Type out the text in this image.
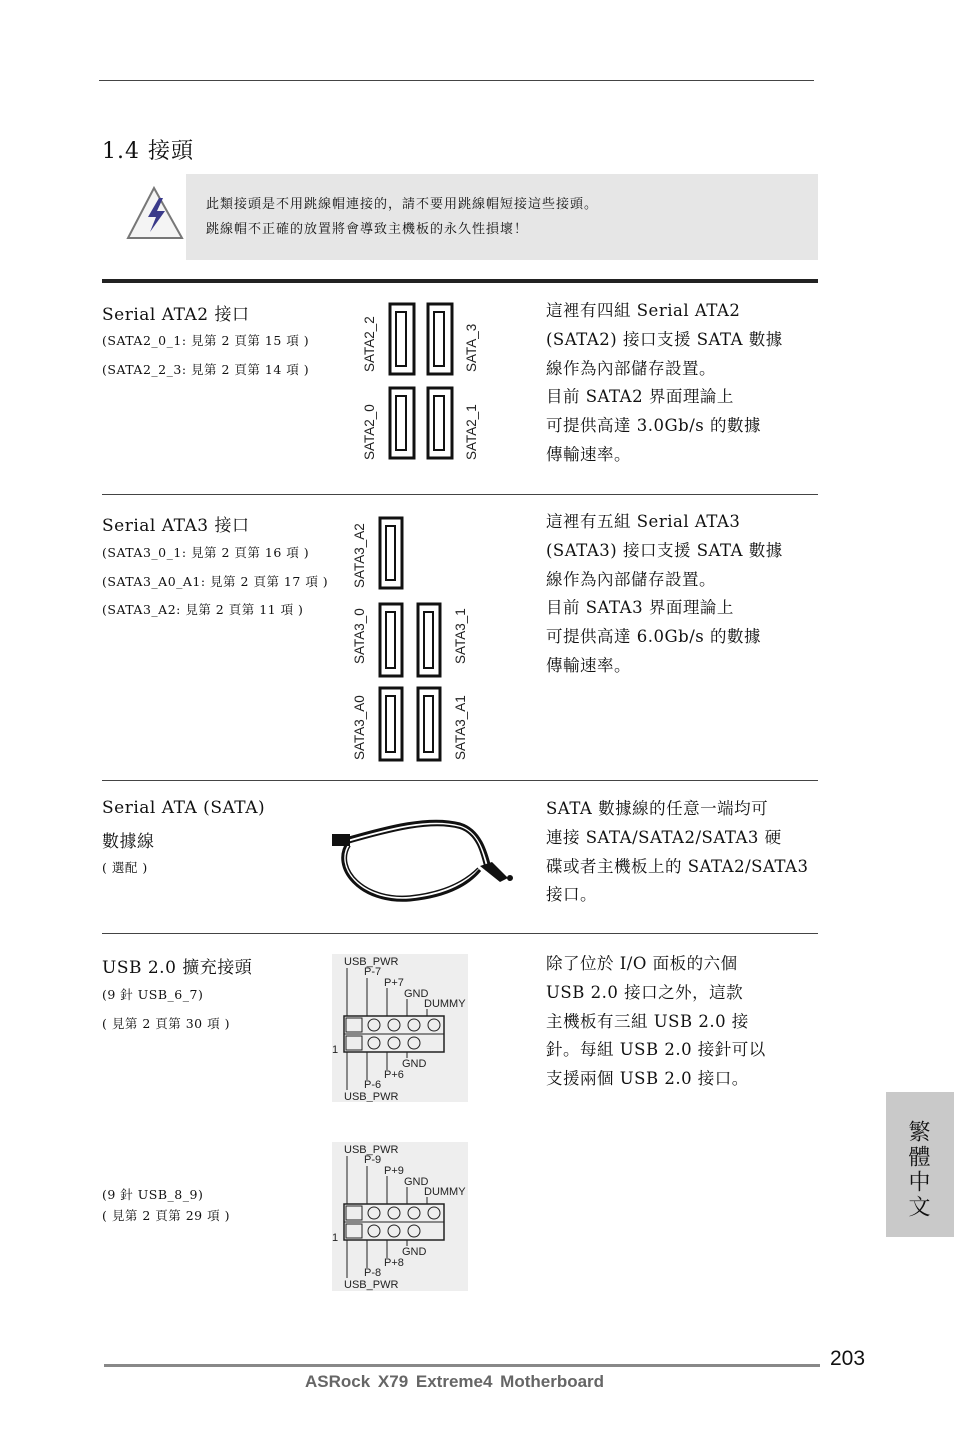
1.4 接頭

此類接頭是不用跳線帽連接的，請不要用跳線帽短接這些接頭。

跳線帽不正確的放置將會導致主機板的永久性損壞！

Serial ATA2 接口
(SATA2_0_1: 見第 2 頁第 15 項 )
(SATA2_2_3: 見第 2 頁第 14 項 )	SATA2_2	SATA_3
SATA2_0	SATA2_1
這裡有四組 Serial ATA2
(SATA2) 接口支援 SATA 數據
線作為內部儲存設置。
目前 SATA2 界面理論上
可提供高達 3.0Gb/s 的數據
傳輸速率。
Serial ATA3 接口
(SATA3_0_1: 見第 2 頁第 16 項 )
(SATA3_A0_A1: 見第 2 頁第 17 項 )
(SATA3_A2: 見第 2 頁第 11 項 )
SATA3_A2
SATA3_0	SATA3_1
SATA3_A0	SATA3_A1
這裡有五組 Serial ATA3
(SATA3) 接口支援 SATA 數據
線作為內部儲存設置。
目前 SATA3 界面理論上
可提供高達 6.0Gb/s 的數據
傳輸速率。
Serial ATA (SATA)
數據線
( 選配 )
SATA 數據線的任意一端均可
連接 SATA/SATA2/SATA3 硬
碟或者主機板上的 SATA2/SATA3
接口。
USB 2.0 擴充接頭
(9 針 USB_6_7)
( 見第 2 頁第 30 項 )
(9 針 USB_8_9)
( 見第 2 頁第 29 項 )
除了位於 I/O 面板的六個
USB 2.0 接口之外，這款
主機板有三組 USB 2.0 接
針。每組 USB 2.0 接針可以
支援兩個 USB 2.0 接口。
USB_PWR
P-7
P+7
GND
DUMMY
1
GND
P+6
P-6
USB_PWR
USB_PWR
P-9
P+9
GND
DUMMY
1
GND
P+8
P-8
USB_PWR
繁體中文
203
ASRock X79 Extreme4 Motherboard
